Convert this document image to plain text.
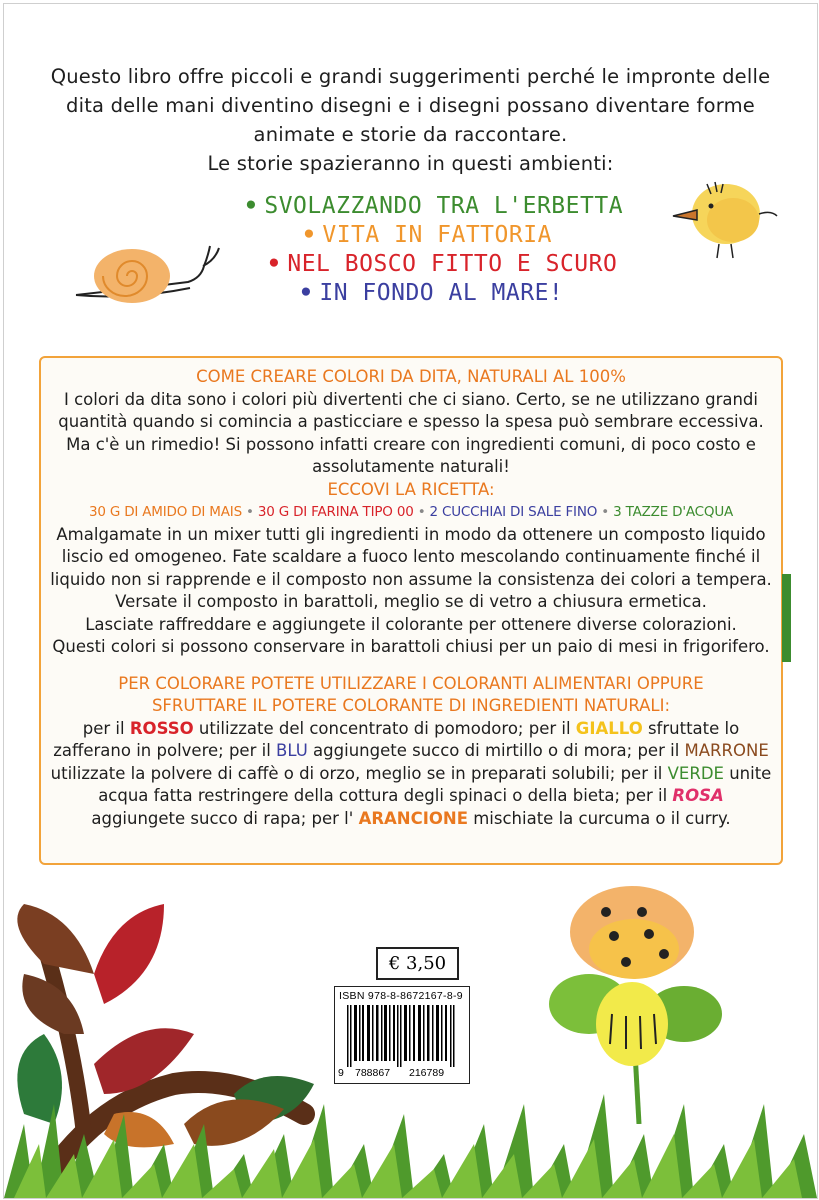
Questo libro offre piccoli e grandi suggerimenti perché le impronte delle

dita delle mani diventino disegni e i disegni possano diventare forme

animate e storie da raccontare.

Le storie spazieranno in questi ambienti:

• SVOLAZZANDO TRA L'ERBETTA
• VITA IN FATTORIA
• NEL BOSCO FITTO E SCURO
• IN FONDO AL MARE!

COME CREARE COLORI DA DITA, NATURALI AL 100%

I colori da dita sono i colori più divertenti che ci siano. Certo, se ne utilizzano grandi

quantità quando si comincia a pasticciare e spesso la spesa può sembrare eccessiva.

Ma c'è un rimedio! Si possono infatti creare con ingredienti comuni, di poco costo e

assolutamente naturali!

ECCOVI LA RICETTA:

30 G DI AMIDO DI MAIS • 30 G DI FARINA TIPO 00 • 2 CUCCHIAI DI SALE FINO • 3 TAZZE D'ACQUA

Amalgamate in un mixer tutti gli ingredienti in modo da ottenere un composto liquido

liscio ed omogeneo. Fate scaldare a fuoco lento mescolando continuamente finché il

liquido non si rapprende e il composto non assume la consistenza dei colori a tempera.

Versate il composto in barattoli, meglio se di vetro a chiusura ermetica.

Lasciate raffreddare e aggiungete il colorante per ottenere diverse colorazioni.

Questi colori si possono conservare in barattoli chiusi per un paio di mesi in frigorifero.

PER COLORARE POTETE UTILIZZARE I COLORANTI ALIMENTARI OPPURE

SFRUTTARE IL POTERE COLORANTE DI INGREDIENTI NATURALI:

per il ROSSO utilizzate del concentrato di pomodoro; per il GIALLO sfruttate lo

zafferano in polvere; per il BLU aggiungete succo di mirtillo o di mora; per il MARRONE

utilizzate la polvere di caffè o di orzo, meglio se in preparati solubili; per il VERDE unite

acqua fatta restringere della cottura degli spinaci o della bieta; per il ROSA

aggiungete succo di rapa; per l' ARANCIONE mischiate la curcuma o il curry.

€ 3,50
ISBN 978-8-8672167-8-9
9 788867 216789
